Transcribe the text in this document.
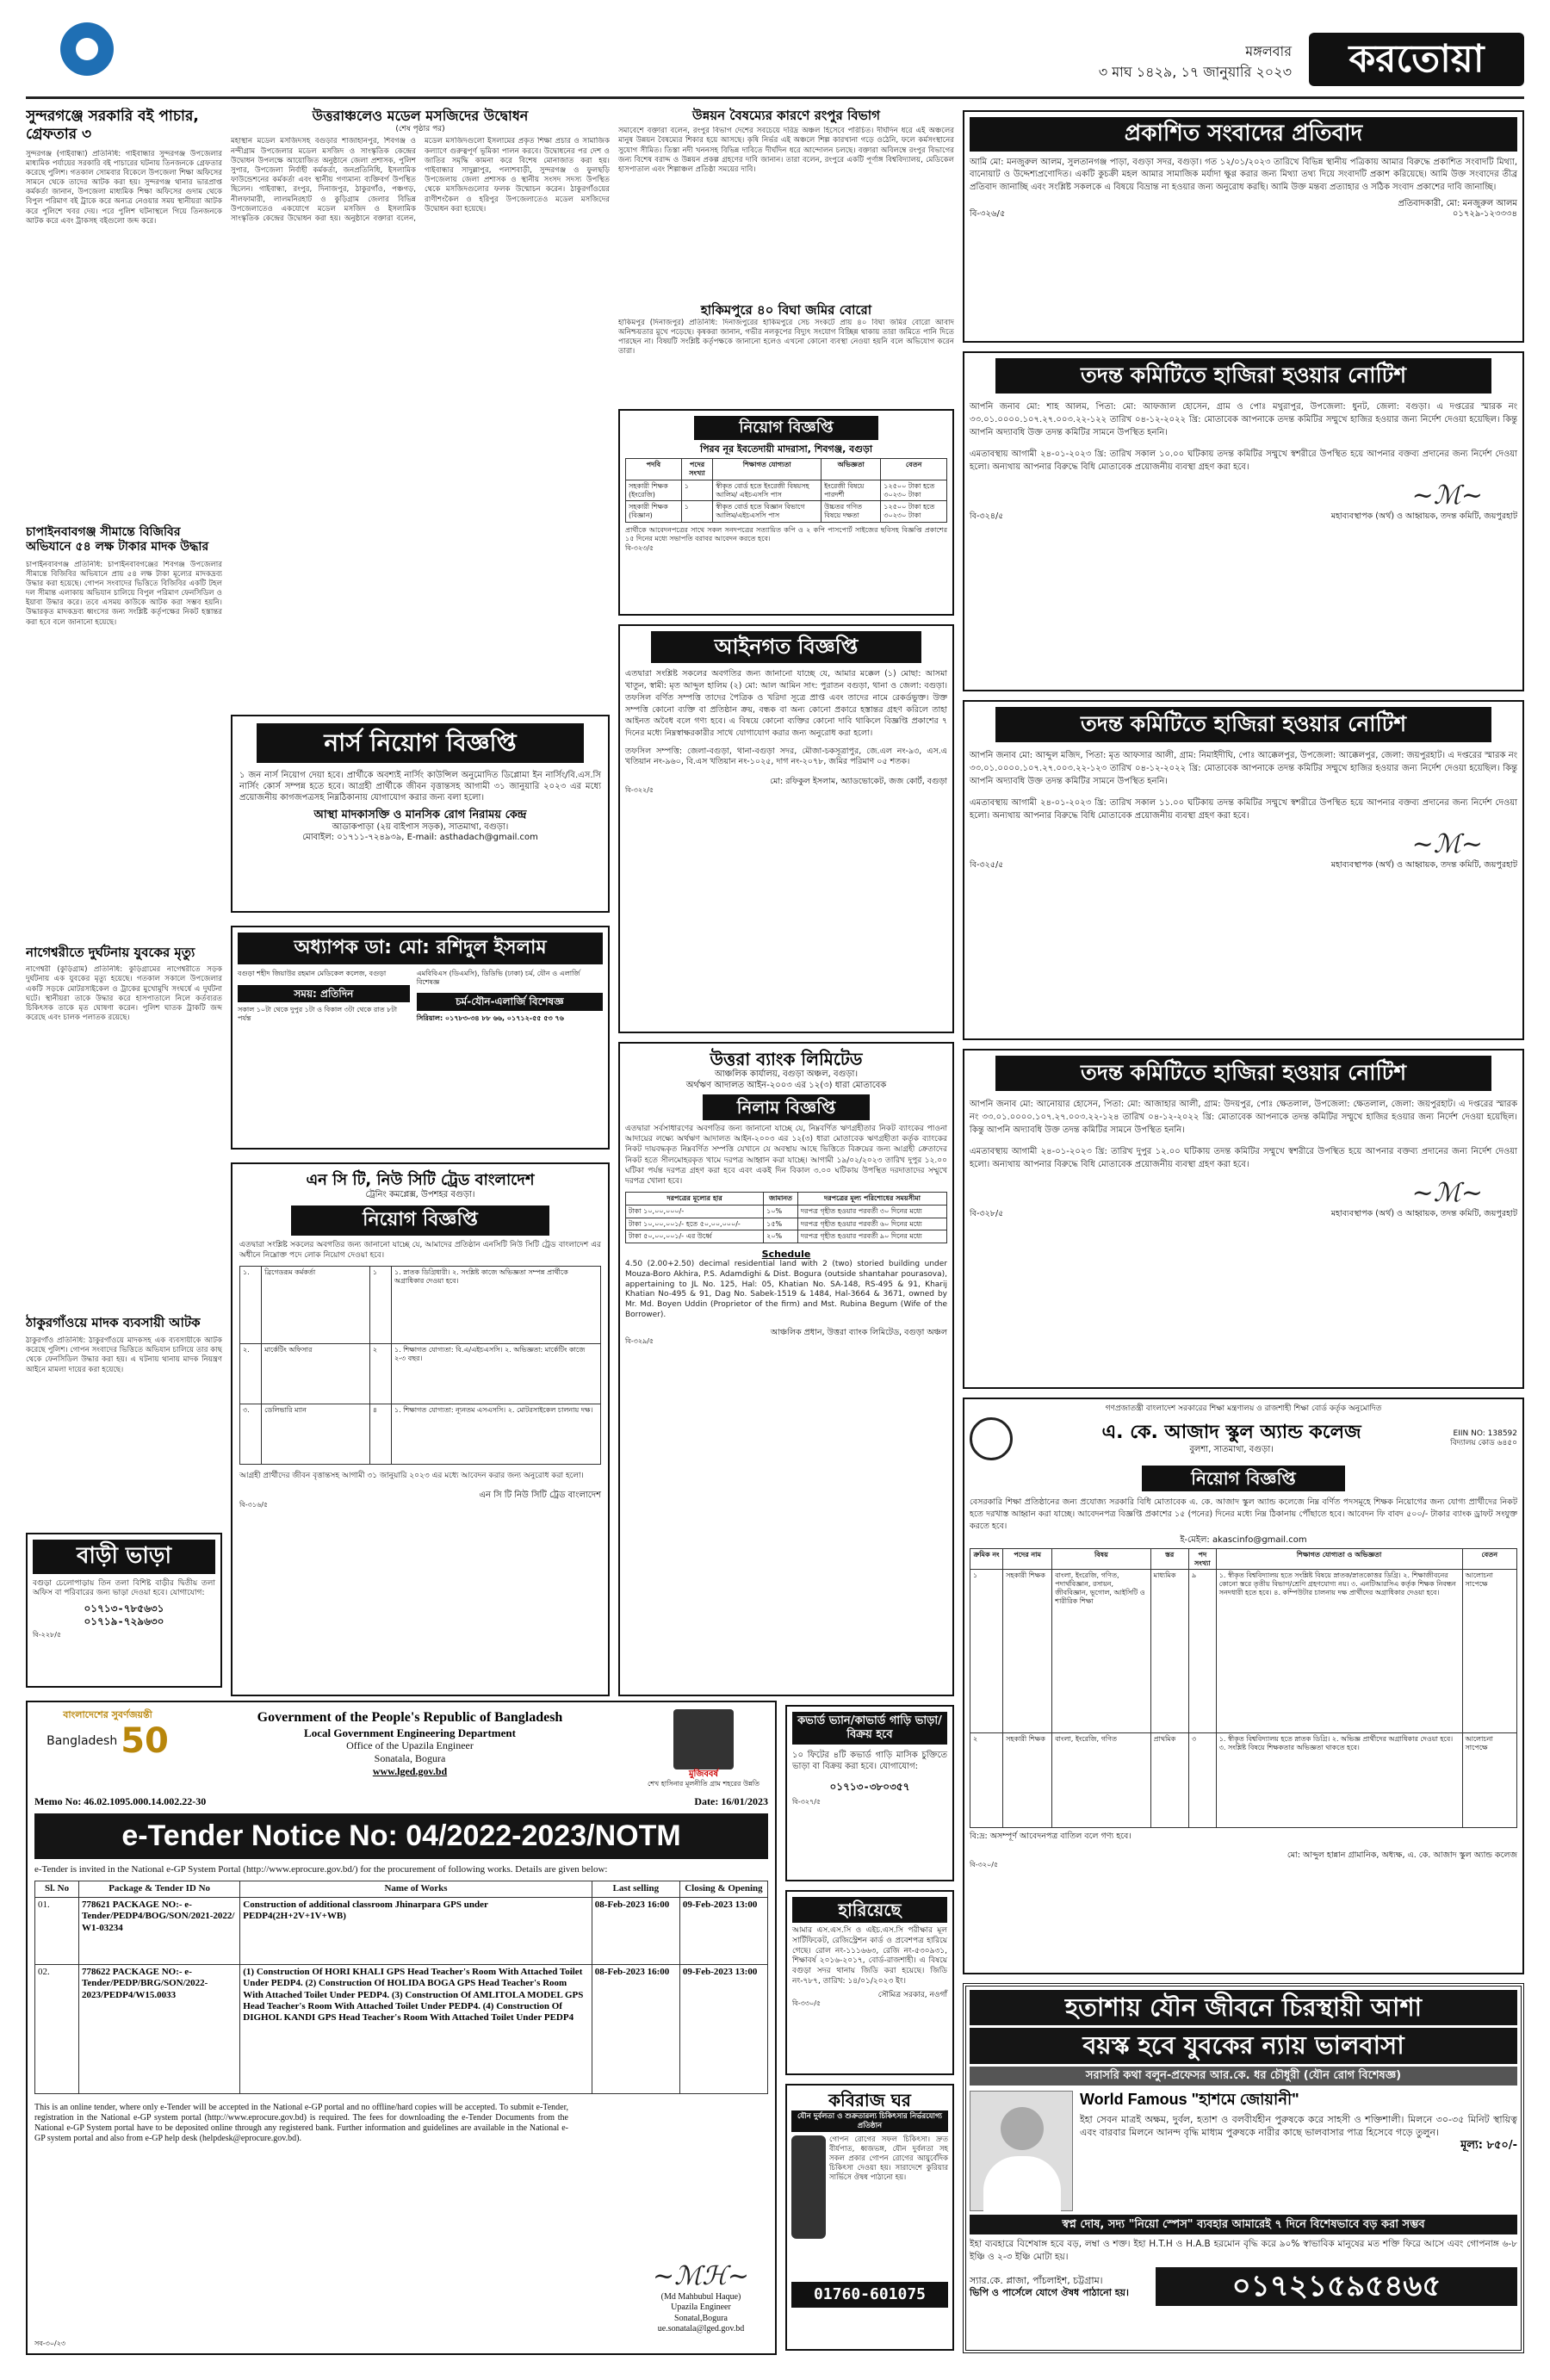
মঙ্গলবার
৩ মাঘ ১৪২৯, ১৭ জানুয়ারি ২০২৩	করতোয়া
সুন্দরগঞ্জে সরকারি বই পাচার, গ্রেফতার ৩
সুন্দরগঞ্জ (গাইবান্ধা) প্রতিনিধি: গাইবান্ধার সুন্দরগঞ্জ উপজেলার মাধ্যমিক পর্যায়ের সরকারি বই পাচারের ঘটনায় তিনজনকে গ্রেফতার করেছে পুলিশ। গতকাল সোমবার বিকেলে উপজেলা শিক্ষা অফিসের সামনে থেকে তাদের আটক করা হয়। সুন্দরগঞ্জ থানার ভারপ্রাপ্ত কর্মকর্তা জানান, উপজেলা মাধ্যমিক শিক্ষা অফিসের গুদাম থেকে বিপুল পরিমাণ বই ট্রাকে করে অন্যত্র নেওয়ার সময় স্থানীয়রা আটক করে পুলিশে খবর দেয়। পরে পুলিশ ঘটনাস্থলে গিয়ে তিনজনকে আটক করে এবং ট্রাকসহ বইগুলো জব্দ করে।
চাপাইনবাবগঞ্জ সীমান্তে বিজিবির অভিযানে ৫৪ লক্ষ টাকার মাদক উদ্ধার
চাপাইনবাবগঞ্জ প্রতিনিধি: চাপাইনবাবগঞ্জের শিবগঞ্জ উপজেলার সীমান্তে বিজিবির অভিযানে প্রায় ৫৪ লক্ষ টাকা মূল্যের মাদকদ্রব্য উদ্ধার করা হয়েছে। গোপন সংবাদের ভিত্তিতে বিজিবির একটি টহল দল সীমান্ত এলাকায় অভিযান চালিয়ে বিপুল পরিমাণ ফেনসিডিল ও ইয়াবা উদ্ধার করে। তবে এসময় কাউকে আটক করা সম্ভব হয়নি। উদ্ধারকৃত মাদকদ্রব্য ধ্বংসের জন্য সংশ্লিষ্ট কর্তৃপক্ষের নিকট হস্তান্তর করা হবে বলে জানানো হয়েছে।
নাগেশ্বরীতে দুর্ঘটনায় যুবকের মৃত্যু
নাগেশ্বরী (কুড়িগ্রাম) প্রতিনিধি: কুড়িগ্রামের নাগেশ্বরীতে সড়ক দুর্ঘটনায় এক যুবকের মৃত্যু হয়েছে। গতকাল সকালে উপজেলার একটি সড়কে মোটরসাইকেল ও ট্রাকের মুখোমুখি সংঘর্ষে এ দুর্ঘটনা ঘটে। স্থানীয়রা তাকে উদ্ধার করে হাসপাতালে নিলে কর্তব্যরত চিকিৎসক তাকে মৃত ঘোষণা করেন। পুলিশ ঘাতক ট্রাকটি জব্দ করেছে এবং চালক পলাতক রয়েছে।
ঠাকুরগাঁওয়ে মাদক ব্যবসায়ী আটক
ঠাকুরগাঁও প্রতিনিধি: ঠাকুরগাঁওয়ে মাদকসহ এক ব্যবসায়ীকে আটক করেছে পুলিশ। গোপন সংবাদের ভিত্তিতে অভিযান চালিয়ে তার কাছ থেকে ফেনসিডিল উদ্ধার করা হয়। এ ঘটনায় থানায় মাদক নিয়ন্ত্রণ আইনে মামলা দায়ের করা হয়েছে।
বাড়ী ভাড়া
বগুড়া চেলোপাড়ায় তিন তলা বিশিষ্ট বাড়ীর দ্বিতীয় তলা অফিস বা পরিবারের জন্য ভাড়া দেওয়া হবে। যোগাযোগ:
০১৭১৩-৭৮৫৬৩১
০১৭১৯-৭২৯৬৩০
বি-২২৮/৫
উত্তরাঞ্চলেও মডেল মসজিদের উদ্বোধন
(শেষ পৃষ্ঠার পর)
মহাস্থান মডেল মসজিদসহ বগুড়ার শাজাহানপুর, শিবগঞ্জ ও নন্দীগ্রাম উপজেলার মডেল মসজিদ ও সাংস্কৃতিক কেন্দ্রের উদ্বোধন উপলক্ষে আয়োজিত অনুষ্ঠানে জেলা প্রশাসক, পুলিশ সুপার, উপজেলা নির্বাহী কর্মকর্তা, জনপ্রতিনিধি, ইসলামিক ফাউন্ডেশনের কর্মকর্তা এবং স্থানীয় গণ্যমান্য ব্যক্তিবর্গ উপস্থিত ছিলেন। গাইবান্ধা, রংপুর, দিনাজপুর, ঠাকুরগাঁও, পঞ্চগড়, নীলফামারী, লালমনিরহাট ও কুড়িগ্রাম জেলার বিভিন্ন উপজেলাতেও একযোগে মডেল মসজিদ ও ইসলামিক সাংস্কৃতিক কেন্দ্রের উদ্বোধন করা হয়। অনুষ্ঠানে বক্তারা বলেন, মডেল মসজিদগুলো ইসলামের প্রকৃত শিক্ষা প্রচার ও সামাজিক কল্যাণে গুরুত্বপূর্ণ ভূমিকা পালন করবে। উদ্বোধনের পর দেশ ও জাতির সমৃদ্ধি কামনা করে বিশেষ মোনাজাত করা হয়। গাইবান্ধার সাদুল্লাপুর, পলাশবাড়ী, সুন্দরগঞ্জ ও ফুলছড়ি উপজেলায় জেলা প্রশাসক ও স্থানীয় সংসদ সদস্য উপস্থিত থেকে মসজিদগুলোর ফলক উন্মোচন করেন। ঠাকুরগাঁওয়ের রাণীশংকৈল ও হরিপুর উপজেলাতেও মডেল মসজিদের উদ্বোধন করা হয়েছে।
নার্স নিয়োগ বিজ্ঞপ্তি
১ জন নার্স নিয়োগ দেয়া হবে। প্রার্থীকে অবশ্যই নার্সিং কাউন্সিল অনুমোদিত ডিপ্লোমা ইন নার্সিং/বি.এস.সি নার্সিং কোর্স সম্পন্ন হতে হবে। আগ্রহী প্রার্থীকে জীবন বৃত্তান্তসহ আগামী ৩১ জানুয়ারি ২০২৩ এর মধ্যে প্রয়োজনীয় কাগজপত্রসহ নিম্নঠিকানায় যোগাযোগ করার জন্য বলা হলো।
আস্থা মাদকাসক্তি ও মানসিক রোগ নিরাময় কেন্দ্র
আডাকপাড়া (২য় বাইপাস সড়ক), সাতমাথা, বগুড়া।
মোবাইল: ০১৭১১-৭২৪৯৩৯, E-mail: asthadach@gmail.com
অধ্যাপক ডা: মো: রশিদুল ইসলাম
বগুড়া শহীদ জিয়াউর রহমান মেডিকেল কলেজ, বগুড়া
সময়: প্রতিদিন
সকাল ১০টা থেকে দুপুর ১টা ও বিকাল ৩টা থেকে রাত ৮টা পর্যন্ত
এমবিবিএস (ডিএমসি), ডিডিভি (ঢাকা) চর্ম, যৌন ও এলার্জি বিশেষজ্ঞ
চর্ম-যৌন-এলার্জি বিশেষজ্ঞ
সিরিয়াল: ০১৭৮৩-৩৪ ৮৮ ৬৬, ০১৭১২-৫৫ ৫৩ ৭৬
এন সি টি, নিউ সিটি ট্রেড বাংলাদেশ
ট্রেনিং কমপ্লেক্স, উপশহর বগুড়া।
নিয়োগ বিজ্ঞপ্তি
এতদ্বারা সংশ্লিষ্ট সকলের অবগতির জন্য জানানো যাচ্ছে যে, আমাদের প্রতিষ্ঠান এনসিটি নিউ সিটি ট্রেড বাংলাদেশ এর অধীনে নিম্নোক্ত পদে লোক নিয়োগ দেওয়া হবে।
১.	ব্রিগেডরূম কর্মকর্তা	১	১. স্নাতক ডিগ্রিধারী। ২. সংশ্লিষ্ট কাজে অভিজ্ঞতা সম্পন্ন প্রার্থীকে অগ্রাধিকার দেওয়া হবে।
২.	মার্কেটিং অফিসার	২	১. শিক্ষাগত যোগ্যতা: বি.এ/এইচএসসি। ২. অভিজ্ঞতা: মার্কেটিং কাজে ২-৩ বছর।
৩.	ডেলিভারি ম্যান	৪	১. শিক্ষাগত যোগ্যতা: ন্যূনতম এসএসসি। ২. মোটরসাইকেল চালনায় দক্ষ।
আগ্রহী প্রার্থীদের জীবন বৃত্তান্তসহ আগামী ৩১ জানুয়ারি ২০২৩ এর মধ্যে আবেদন করার জন্য অনুরোধ করা হলো।
এন সি টি নিউ সিটি ট্রেড বাংলাদেশ
বি-৩১৬/৫
উন্নয়ন বৈষম্যের কারণে রংপুর বিভাগ
সমাবেশে বক্তারা বলেন, রংপুর বিভাগ দেশের সবচেয়ে দরিদ্র অঞ্চল হিসেবে পরিচিত। দীর্ঘদিন ধরে এই অঞ্চলের মানুষ উন্নয়ন বৈষম্যের শিকার হয়ে আসছে। কৃষি নির্ভর এই অঞ্চলে শিল্প কারখানা গড়ে ওঠেনি, ফলে কর্মসংস্থানের সুযোগ সীমিত। তিস্তা নদী খননসহ বিভিন্ন দাবিতে দীর্ঘদিন ধরে আন্দোলন চলছে। বক্তারা অবিলম্বে রংপুর বিভাগের জন্য বিশেষ বরাদ্দ ও উন্নয়ন প্রকল্প গ্রহণের দাবি জানান। তারা বলেন, রংপুরে একটি পূর্ণাঙ্গ বিশ্ববিদ্যালয়, মেডিকেল হাসপাতাল এবং শিল্পাঞ্চল প্রতিষ্ঠা সময়ের দাবি।
হাকিমপুরে ৪০ বিঘা জমির বোরো
হাকিমপুর (দিনাজপুর) প্রতিনিধি: দিনাজপুরের হাকিমপুরে সেচ সংকটে প্রায় ৪০ বিঘা জমির বোরো আবাদ অনিশ্চয়তার মুখে পড়েছে। কৃষকরা জানান, গভীর নলকূপের বিদ্যুৎ সংযোগ বিচ্ছিন্ন থাকায় তারা জমিতে পানি দিতে পারছেন না। বিষয়টি সংশ্লিষ্ট কর্তৃপক্ষকে জানানো হলেও এখনো কোনো ব্যবস্থা নেওয়া হয়নি বলে অভিযোগ করেন তারা।
নিয়োগ বিজ্ঞপ্তি
পিরব নূর ইবতেদায়ী মাদরাসা, শিবগঞ্জ, বগুড়া
পদবি	পদের সংখ্যা	শিক্ষাগত যোগ্যতা	অভিজ্ঞতা	বেতন
সহকারী শিক্ষক (ইংরেজি)	১	স্বীকৃত বোর্ড হতে ইংরেজী বিষয়সহ আলিম/ এইচএসসি পাস	ইংরেজী বিষয়ে পারদর্শী	১২৫০০ টাকা হতে ৩০২৩০ টাকা
সহকারী শিক্ষক (বিজ্ঞান)	১	স্বীকৃত বোর্ড হতে বিজ্ঞান বিভাগে আলিম/এইচএসসি পাস	উচ্চতর গণিত বিষয়ে দক্ষতা	১২৫০০ টাকা হতে ৩০২৩০ টাকা
প্রার্থীকে আবেদনপত্রের সাথে সকল সনদপত্রের সত্যায়িত কপি ও ২ কপি পাসপোর্ট সাইজের ছবিসহ বিজ্ঞপ্তি প্রকাশের ১৫ দিনের মধ্যে সভাপতি বরাবর আবেদন করতে হবে।
বি-৩২৩/৫
আইনগত বিজ্ঞপ্তি
এতদ্বারা সংশ্লিষ্ট সকলের অবগতির জন্য জানানো যাচ্ছে যে, আমার মক্কেল (১) মোছা: আসমা খাতুন, স্বামী: মৃত আব্দুল হালিম (২) মো: আল আমিন সাং: পুরাতন বগুড়া, থানা ও জেলা: বগুড়া। তফসিল বর্ণিত সম্পত্তি তাদের পৈত্রিক ও খরিদা সূত্রে প্রাপ্ত এবং তাদের নামে রেকর্ডভুক্ত। উক্ত সম্পত্তি কোনো ব্যক্তি বা প্রতিষ্ঠান ক্রয়, বন্ধক বা অন্য কোনো প্রকারে হস্তান্তর গ্রহণ করিলে তাহা আইনত অবৈধ বলে গণ্য হবে। এ বিষয়ে কোনো ব্যক্তির কোনো দাবি থাকিলে বিজ্ঞপ্তি প্রকাশের ৭ দিনের মধ্যে নিম্নস্বাক্ষরকারীর সাথে যোগাযোগ করার জন্য অনুরোধ করা হলো।
তফসিল সম্পত্তি: জেলা-বগুড়া, থানা-বগুড়া সদর, মৌজা-চকসূত্রাপুর, জে.এল নং-৯৩, এস.এ খতিয়ান নং-৯৬০, বি.এস খতিয়ান নং-১০২৫, দাগ নং-২০৭৮, জমির পরিমাণ ০৫ শতক।
মো: রফিকুল ইসলাম, অ্যাডভোকেট, জজ কোর্ট, বগুড়া
বি-৩২২/৫
উত্তরা ব্যাংক লিমিটেড
আঞ্চলিক কার্যালয়, বগুড়া অঞ্চল, বগুড়া।
অর্থঋণ আদালত আইন-২০০৩ এর ১২(৩) ধারা মোতাবেক
নিলাম বিজ্ঞপ্তি
এতদ্বারা সর্বসাধারণের অবগতির জন্য জানানো যাচ্ছে যে, নিম্নবর্ণিত ঋণগ্রহীতার নিকট ব্যাংকের পাওনা আদায়ের লক্ষ্যে অর্থঋণ আদালত আইন-২০০৩ এর ১২(৩) ধারা মোতাবেক ঋণগ্রহীতা কর্তৃক ব্যাংকের নিকট দায়বদ্ধকৃত নিম্নবর্ণিত সম্পত্তি যেখানে যে অবস্থায় আছে ভিত্তিতে বিক্রয়ের জন্য আগ্রহী ক্রেতাদের নিকট হতে সীলমোহরকৃত খামে দরপত্র আহ্বান করা যাচ্ছে। আগামী ১৯/০২/২০২৩ তারিখ দুপুর ১২.০০ ঘটিকা পর্যন্ত দরপত্র গ্রহণ করা হবে এবং একই দিন বিকাল ৩.০০ ঘটিকায় উপস্থিত দরদাতাদের সম্মুখে দরপত্র খোলা হবে।
দরপত্রের মূল্যের হার	জামানত	দরপত্রের মূল্য পরিশোধের সময়সীমা
টাকা ১০,০০,০০০/-	১০%	দরপত্র গৃহীত হওয়ার পরবর্তী ৩০ দিনের মধ্যে
টাকা ১০,০০,০০১/- হতে ৫০,০০,০০০/-	১৫%	দরপত্র গৃহীত হওয়ার পরবর্তী ৬০ দিনের মধ্যে
টাকা ৫০,০০,০০১/- এর উর্ধ্বে	২০%	দরপত্র গৃহীত হওয়ার পরবর্তী ৯০ দিনের মধ্যে
Schedule
4.50 (2.00+2.50) decimal residential land with 2 (two) storied building under Mouza-Boro Akhira, P.S. Adamdighi & Dist. Bogura (outside shantahar pourasova), appertaining to JL No. 125, Hal: 05, Khatian No. SA-148, RS-495 & 91, Kharij Khatian No-495 & 91, Dag No. Sabek-1519 & 1484, Hal-3664 & 3671, owned by Mr. Md. Boyen Uddin (Proprietor of the firm) and Mst. Rubina Begum (Wife of the Borrower).
আঞ্চলিক প্রধান, উত্তরা ব্যাংক লিমিটেড, বগুড়া অঞ্চল
বি-৩২৯/৫
কভার্ড ভ্যান/কাভার্ড গাড়ি ভাড়া/বিক্রয় হবে
১০ ফিটের ৪টি কভার্ড গাড়ি মাসিক চুক্তিতে ভাড়া বা বিক্রয় করা হবে। যোগাযোগ:
০১৭১৩-৩৮০৩৫৭
বি-৩২৭/৫
হারিয়েছে
আমার এস.এস.সি ও এইচ.এস.সি পরীক্ষার মূল সার্টিফিকেট, রেজিস্ট্রেশন কার্ড ও প্রবেশপত্র হারিয়ে গেছে। রোল নং-১১১৬৬৩, রেজি নং-৫৩০৯৩১, শিক্ষাবর্ষ ২০১৬-২০১৭, বোর্ড-রাজশাহী। এ বিষয়ে বগুড়া সদর থানায় জিডি করা হয়েছে। জিডি নং-৭৮৭, তারিখ: ১৪/০১/২০২৩ ইং।
সৌমিত্র সরকার, নওগাঁ
বি-৩৩০/৫
কবিরাজ ঘর
যৌন দুর্বলতা ও শুক্রতারল্য চিকিৎসার নির্ভরযোগ্য প্রতিষ্ঠান
গোপন রোগের সফল চিকিৎসা। দ্রুত বীর্যপাত, ধ্বজভঙ্গ, যৌন দুর্বলতা সহ সকল প্রকার গোপন রোগের আয়ুর্বেদিক চিকিৎসা দেওয়া হয়। সারাদেশে কুরিয়ার সার্ভিসে ঔষধ পাঠানো হয়।
01760-601075
প্রকাশিত সংবাদের প্রতিবাদ
আমি মো: মনজুরুল আলম, সুলতানগঞ্জ পাড়া, বগুড়া সদর, বগুড়া। গত ১২/০১/২০২৩ তারিখে বিভিন্ন স্থানীয় পত্রিকায় আমার বিরুদ্ধে প্রকাশিত সংবাদটি মিথ্যা, বানোয়াট ও উদ্দেশ্যপ্রণোদিত। একটি কুচক্রী মহল আমার সামাজিক মর্যাদা ক্ষুণ্ণ করার জন্য মিথ্যা তথ্য দিয়ে সংবাদটি প্রকাশ করিয়েছে। আমি উক্ত সংবাদের তীব্র প্রতিবাদ জানাচ্ছি এবং সংশ্লিষ্ট সকলকে এ বিষয়ে বিভ্রান্ত না হওয়ার জন্য অনুরোধ করছি। আমি উক্ত মন্তব্য প্রত্যাহার ও সঠিক সংবাদ প্রকাশের দাবি জানাচ্ছি।
প্রতিবাদকারী, মো: মনজুরুল আলম
বি-৩২৬/৫	০১৭২৯-১২৩৩৩৪
তদন্ত কমিটিতে হাজিরা হওয়ার নোটিশ
আপনি জনাব মো: শাহ আলম, পিতা: মো: আফজাল হোসেন, গ্রাম ও পোঃ মথুরাপুর, উপজেলা: ধুনট, জেলা: বগুড়া। এ দপ্তরের স্মারক নং ৩৩.০১.০০০০.১০৭.২৭.০০৩.২২-১২২ তারিখ ০৪-১২-২০২২ খ্রি: মোতাবেক আপনাকে তদন্ত কমিটির সম্মুখে হাজির হওয়ার জন্য নির্দেশ দেওয়া হয়েছিল। কিন্তু আপনি অদ্যাবধি উক্ত তদন্ত কমিটির সামনে উপস্থিত হননি।
এমতাবস্থায় আগামী ২৪-০১-২০২৩ খ্রি: তারিখ সকাল ১০.০০ ঘটিকায় তদন্ত কমিটির সম্মুখে স্বশরীরে উপস্থিত হয়ে আপনার বক্তব্য প্রদানের জন্য নির্দেশ দেওয়া হলো। অন্যথায় আপনার বিরুদ্ধে বিধি মোতাবেক প্রয়োজনীয় ব্যবস্থা গ্রহণ করা হবে।
~ℳ~
বি-৩২৪/৫	মহাব্যবস্থাপক (অর্থ) ও আহ্বায়ক, তদন্ত কমিটি, জয়পুরহাট
তদন্ত কমিটিতে হাজিরা হওয়ার নোটিশ
আপনি জনাব মো: আব্দুল মজিদ, পিতা: মৃত আফসার আলী, গ্রাম: নিমাইদীঘি, পোঃ আক্কেলপুর, উপজেলা: আক্কেলপুর, জেলা: জয়পুরহাট। এ দপ্তরের স্মারক নং ৩৩.০১.০০০০.১০৭.২৭.০০৩.২২-১২৩ তারিখ ০৪-১২-২০২২ খ্রি: মোতাবেক আপনাকে তদন্ত কমিটির সম্মুখে হাজির হওয়ার জন্য নির্দেশ দেওয়া হয়েছিল। কিন্তু আপনি অদ্যাবধি উক্ত তদন্ত কমিটির সামনে উপস্থিত হননি।
এমতাবস্থায় আগামী ২৪-০১-২০২৩ খ্রি: তারিখ সকাল ১১.০০ ঘটিকায় তদন্ত কমিটির সম্মুখে স্বশরীরে উপস্থিত হয়ে আপনার বক্তব্য প্রদানের জন্য নির্দেশ দেওয়া হলো। অন্যথায় আপনার বিরুদ্ধে বিধি মোতাবেক প্রয়োজনীয় ব্যবস্থা গ্রহণ করা হবে।
~ℳ~
বি-৩২৫/৫	মহাব্যবস্থাপক (অর্থ) ও আহ্বায়ক, তদন্ত কমিটি, জয়পুরহাট
তদন্ত কমিটিতে হাজিরা হওয়ার নোটিশ
আপনি জনাব মো: আনোয়ার হোসেন, পিতা: মো: আজাহার আলী, গ্রাম: উদয়পুর, পোঃ ক্ষেতলাল, উপজেলা: ক্ষেতলাল, জেলা: জয়পুরহাট। এ দপ্তরের স্মারক নং ৩৩.০১.০০০০.১০৭.২৭.০০৩.২২-১২৪ তারিখ ০৪-১২-২০২২ খ্রি: মোতাবেক আপনাকে তদন্ত কমিটির সম্মুখে হাজির হওয়ার জন্য নির্দেশ দেওয়া হয়েছিল। কিন্তু আপনি অদ্যাবধি উক্ত তদন্ত কমিটির সামনে উপস্থিত হননি।
এমতাবস্থায় আগামী ২৪-০১-২০২৩ খ্রি: তারিখ দুপুর ১২.০০ ঘটিকায় তদন্ত কমিটির সম্মুখে স্বশরীরে উপস্থিত হয়ে আপনার বক্তব্য প্রদানের জন্য নির্দেশ দেওয়া হলো। অন্যথায় আপনার বিরুদ্ধে বিধি মোতাবেক প্রয়োজনীয় ব্যবস্থা গ্রহণ করা হবে।
~ℳ~
বি-৩২৮/৫	মহাব্যবস্থাপক (অর্থ) ও আহ্বায়ক, তদন্ত কমিটি, জয়পুরহাট
গণপ্রজাতন্ত্রী বাংলাদেশ সরকারের শিক্ষা মন্ত্রণালয় ও রাজশাহী শিক্ষা বোর্ড কর্তৃক অনুমোদিত
এ. কে. আজাদ স্কুল অ্যান্ড কলেজ
বুলশা, সাতমাথা, বগুড়া।
EIIN NO: 138592
বিদ্যালয় কোড ৬৪৫০
নিয়োগ বিজ্ঞপ্তি
বেসরকারি শিক্ষা প্রতিষ্ঠানের জন্য প্রযোজ্য সরকারি বিধি মোতাবেক এ. কে. আজাদ স্কুল অ্যান্ড কলেজে নিম্ন বর্ণিত পদসমূহে শিক্ষক নিয়োগের জন্য যোগ্য প্রার্থীদের নিকট হতে দরখাস্ত আহ্বান করা যাচ্ছে। আবেদনপত্র বিজ্ঞপ্তি প্রকাশের ১৫ (পনের) দিনের মধ্যে নিম্ন ঠিকানায় পৌঁছাতে হবে। আবেদন ফি বাবদ ৫০০/- টাকার ব্যাংক ড্রাফট সংযুক্ত করতে হবে।
ই-মেইল: akascinfo@gmail.com
ক্রমিক নং	পদের নাম	বিষয়	স্তর	পদ সংখ্যা	শিক্ষাগত যোগ্যতা ও অভিজ্ঞতা	বেতন
১	সহকারী শিক্ষক	বাংলা, ইংরেজি, গণিত, পদার্থবিজ্ঞান, রসায়ন, জীববিজ্ঞান, ভূগোল, আইসিটি ও শারীরিক শিক্ষা	মাধ্যমিক	৯	১. স্বীকৃত বিশ্ববিদ্যালয় হতে সংশ্লিষ্ট বিষয়ে স্নাতক/স্নাতকোত্তর ডিগ্রি। ২. শিক্ষাজীবনের কোনো স্তরে তৃতীয় বিভাগ/শ্রেণি গ্রহণযোগ্য নয়। ৩. এনটিআরসিএ কর্তৃক শিক্ষক নিবন্ধন সনদধারী হতে হবে। ৪. কম্পিউটার চালনায় দক্ষ প্রার্থীদের অগ্রাধিকার দেওয়া হবে।	আলোচনা সাপেক্ষে
২	সহকারী শিক্ষক	বাংলা, ইংরেজি, গণিত	প্রাথমিক	৩	১. স্বীকৃত বিশ্ববিদ্যালয় হতে স্নাতক ডিগ্রি। ২. অভিজ্ঞ প্রার্থীদের অগ্রাধিকার দেওয়া হবে। ৩. সংশ্লিষ্ট বিষয়ে শিক্ষকতার অভিজ্ঞতা থাকতে হবে।	আলোচনা সাপেক্ষে
বি:দ্র: অসম্পূর্ণ আবেদনপত্র বাতিল বলে গণ্য হবে।
মো: আব্দুল হান্নান গ্রামানিক, অধ্যক্ষ, এ. কে. আজাদ স্কুল অ্যান্ড কলেজ
বি-৩২০/৫
হতাশায় যৌন জীবনে চিরস্থায়ী আশা
বয়স্ক হবে যুবকের ন্যায় ভালবাসা
সরাসরি কথা বলুন-প্রফেসর আর.কে. ধর চৌধুরী (যৌন রোগ বিশেষজ্ঞ)
World Famous "হাশমে জোয়ানী"
ইহা সেবন মাত্রই অক্ষম, দুর্বল, হতাশ ও বলবীর্যহীন পুরুষকে করে সাহসী ও শক্তিশালী। মিলনে ৩০-৩৫ মিনিট স্থায়িত্ব এবং বারবার মিলনে আনন্দ বৃদ্ধি মাধ্যম পুরুষকে নারীর কাছে ভালবাসার পাত্র হিসেবে গড়ে তুলুন।
মূল্য: ৮৫০/-
স্বপ্ন দোষ, সদ্য "নিয়ো স্পেস" ব্যবহার আমারেই ৭ দিনে বিশেষভাবে বড় করা সম্ভব
ইহা ব্যবহারে বিশেষাঙ্গ হবে বড়, লম্বা ও শক্ত। ইহা H.T.H ও H.A.B হরমোন বৃদ্ধি করে ৯০% স্বাভাবিক মানুষের মত শক্তি ফিরে আসে এবং গোপনাঙ্গ ৬-৮ ইঞ্চি ও ২-৩ ইঞ্চি মোটা হয়।
স্যার.কে. প্লাজা, পাঁচলাইশ, চট্টগ্রাম।
ভিপি ও পার্সেলে যোগে ঔষধ পাঠানো হয়।	০১৭২১৫৯৫৪৬৫
বাংলাদেশের সুবর্ণজয়ন্তী
Bangladesh 50
Government of the People's Republic of Bangladesh
Local Government Engineering Department
Office of the Upazila Engineer
Sonatala, Bogura
www.lged.gov.bd	মুজিববর্ষ
শেখ হাসিনার মূলনীতি গ্রাম শহরের উন্নতি
Memo No: 46.02.1095.000.14.002.22-30	Date: 16/01/2023
e-Tender Notice No: 04/2022-2023/NOTM
e-Tender is invited in the National e-GP System Portal (http://www.eprocure.gov.bd/) for the procurement of following works. Details are given below:
Sl. No	Package & Tender ID No	Name of Works	Last selling	Closing & Opening
01.	778621 PACKAGE NO:- e-Tender/PEDP4/BOG/SON/2021-2022/ W1-03234	Construction of additional classroom Jhinarpara GPS under PEDP4(2H+2V+1V+WB)	08-Feb-2023 16:00	09-Feb-2023 13:00
02.	778622 PACKAGE NO:- e-Tender/PEDP/BRG/SON/2022-2023/PEDP4/W15.0033	(1) Construction Of HORI KHALI GPS Head Teacher's Room With Attached Toilet Under PEDP4. (2) Construction Of HOLIDA BOGA GPS Head Teacher's Room With Attached Toilet Under PEDP4. (3) Construction Of AMLITOLA MODEL GPS Head Teacher's Room With Attached Toilet Under PEDP4. (4) Construction Of DIGHOL KANDI GPS Head Teacher's Room With Attached Toilet Under PEDP4	08-Feb-2023 16:00	09-Feb-2023 13:00
This is an online tender, where only e-Tender will be accepted in the National e-GP portal and no offline/hard copies will be accepted. To submit e-Tender, registration in the National e-GP system portal (http://www.eprocure.gov.bd) is required. The fees for downloading the e-Tender Documents from the National e-GP System portal have to be deposited online through any registered bank. Further information and guidelines are available in the National e-GP system portal and also from e-GP help desk (helpdesk@eprocure.gov.bd).
~ℳℋ~
(Md Mahbubul Haque)
Upazila Engineer
Sonatal,Bogura
ue.sonatala@lged.gov.bd
সব-৩০/২৩
